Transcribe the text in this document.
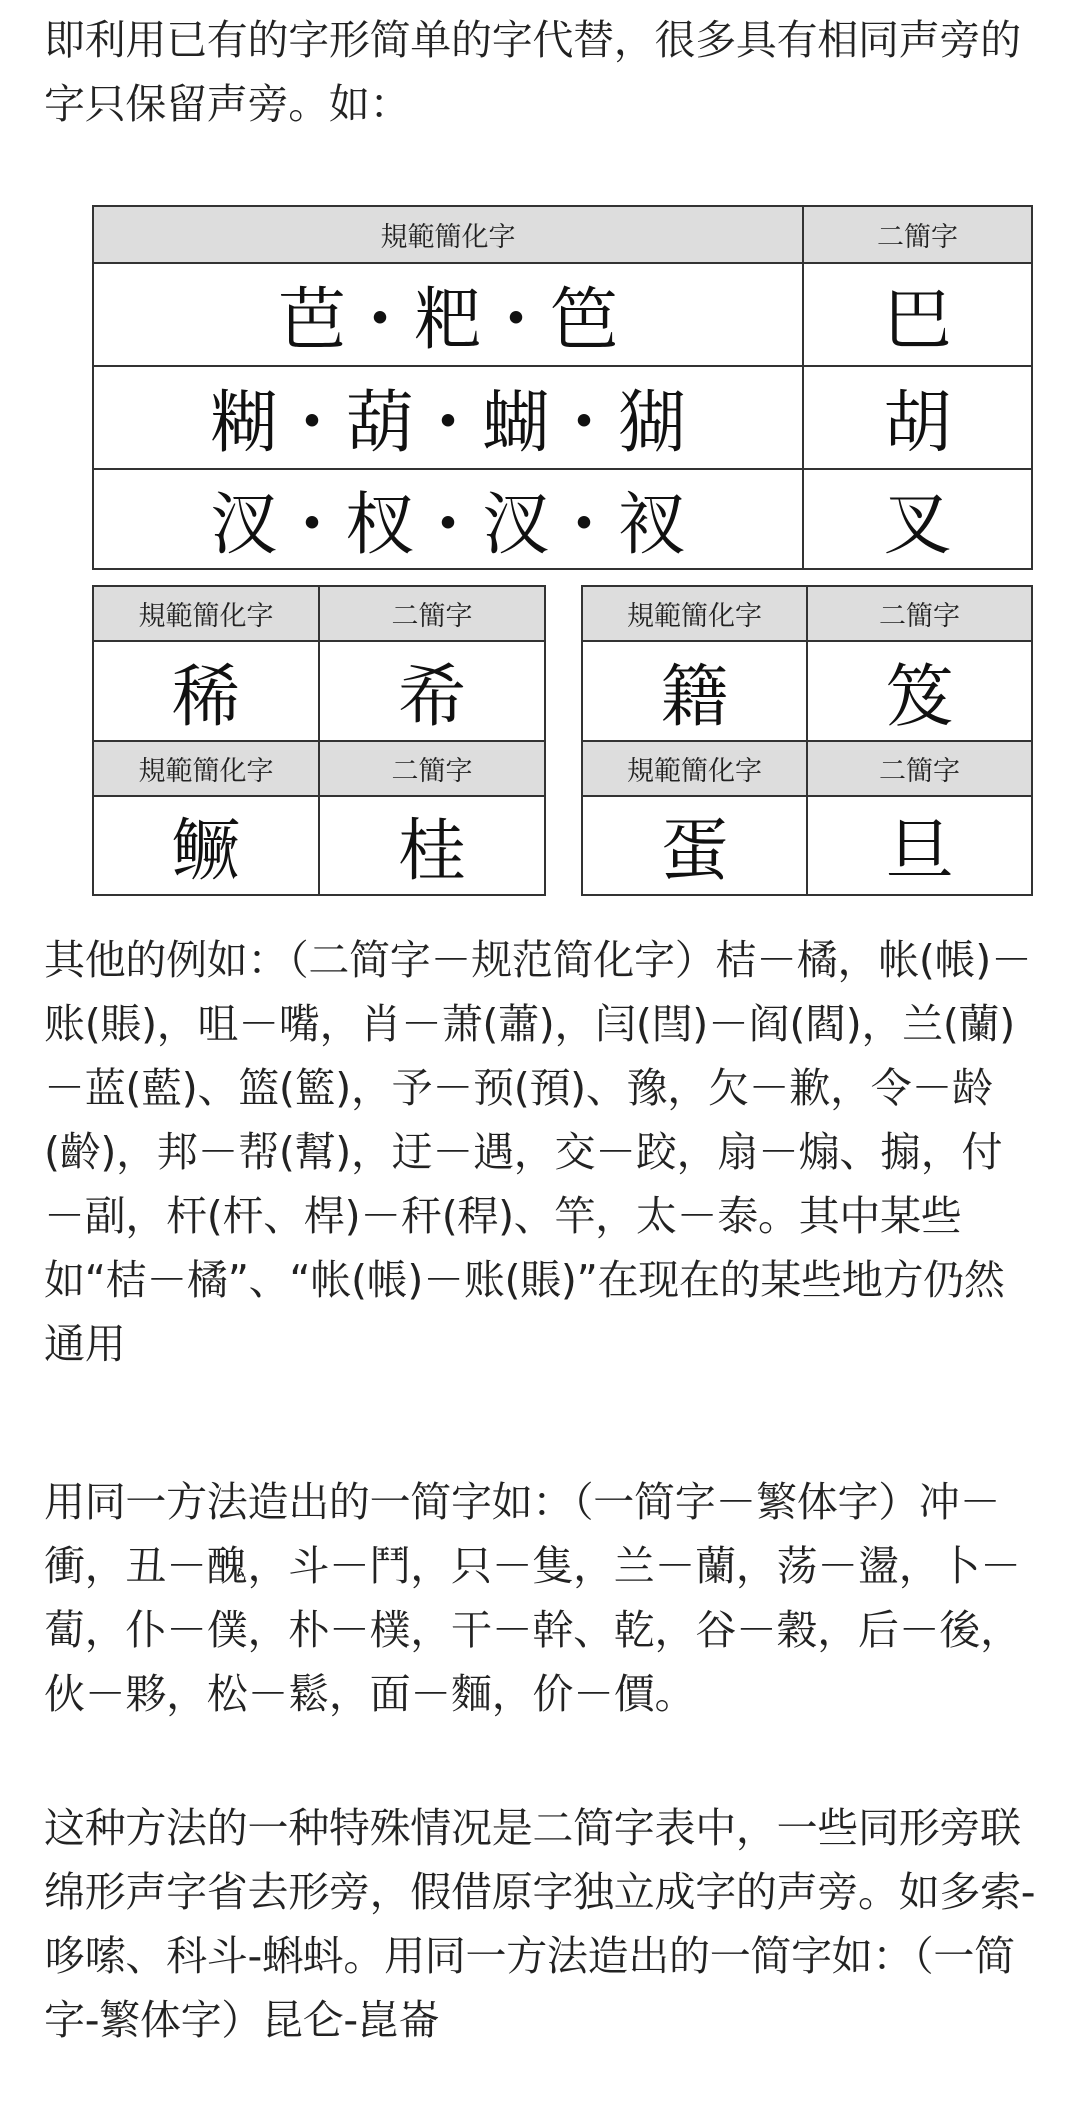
即利用已有的字形简单的字代替，很多具有相同声旁的字只保留声旁。如：

規範簡化字	二簡字
芭・粑・笆	巴
糊・葫・蝴・猢	胡
汊・杈・汊・衩	叉
規範簡化字	二簡字
稀	希
規範簡化字	二簡字
鳜	桂
規範簡化字	二簡字
籍	笈
規範簡化字	二簡字
蛋	旦

其他的例如：（二简字－规范简化字）桔－橘，帐(帳)－账(賬)，咀－嘴，肖－萧(蕭)，闫(閆)－阎(閻)，兰(蘭)－蓝(藍)、篮(籃)，予－预(預)、豫，欠－歉，令－龄(齡)，邦－帮(幫)，迂－遇，交－跤，扇－煽、搧，付－副，杆(杆、桿)－秆(稈)、竿，太－泰。其中某些如“桔－橘”、“帐(帳)－账(賬)”在现在的某些地方仍然通用

用同一方法造出的一简字如：（一简字－繁体字）冲－衝，丑－醜，斗－鬥，只－隻，兰－蘭，荡－盪，卜－蔔，仆－僕，朴－樸，干－幹、乾，谷－穀，后－後，伙－夥，松－鬆，面－麵，价－價。

这种方法的一种特殊情况是二简字表中，一些同形旁联绵形声字省去形旁，假借原字独立成字的声旁。如多索-哆嗦、科斗-蝌蚪。用同一方法造出的一简字如：（一简字-繁体字）昆仑-崑崙
